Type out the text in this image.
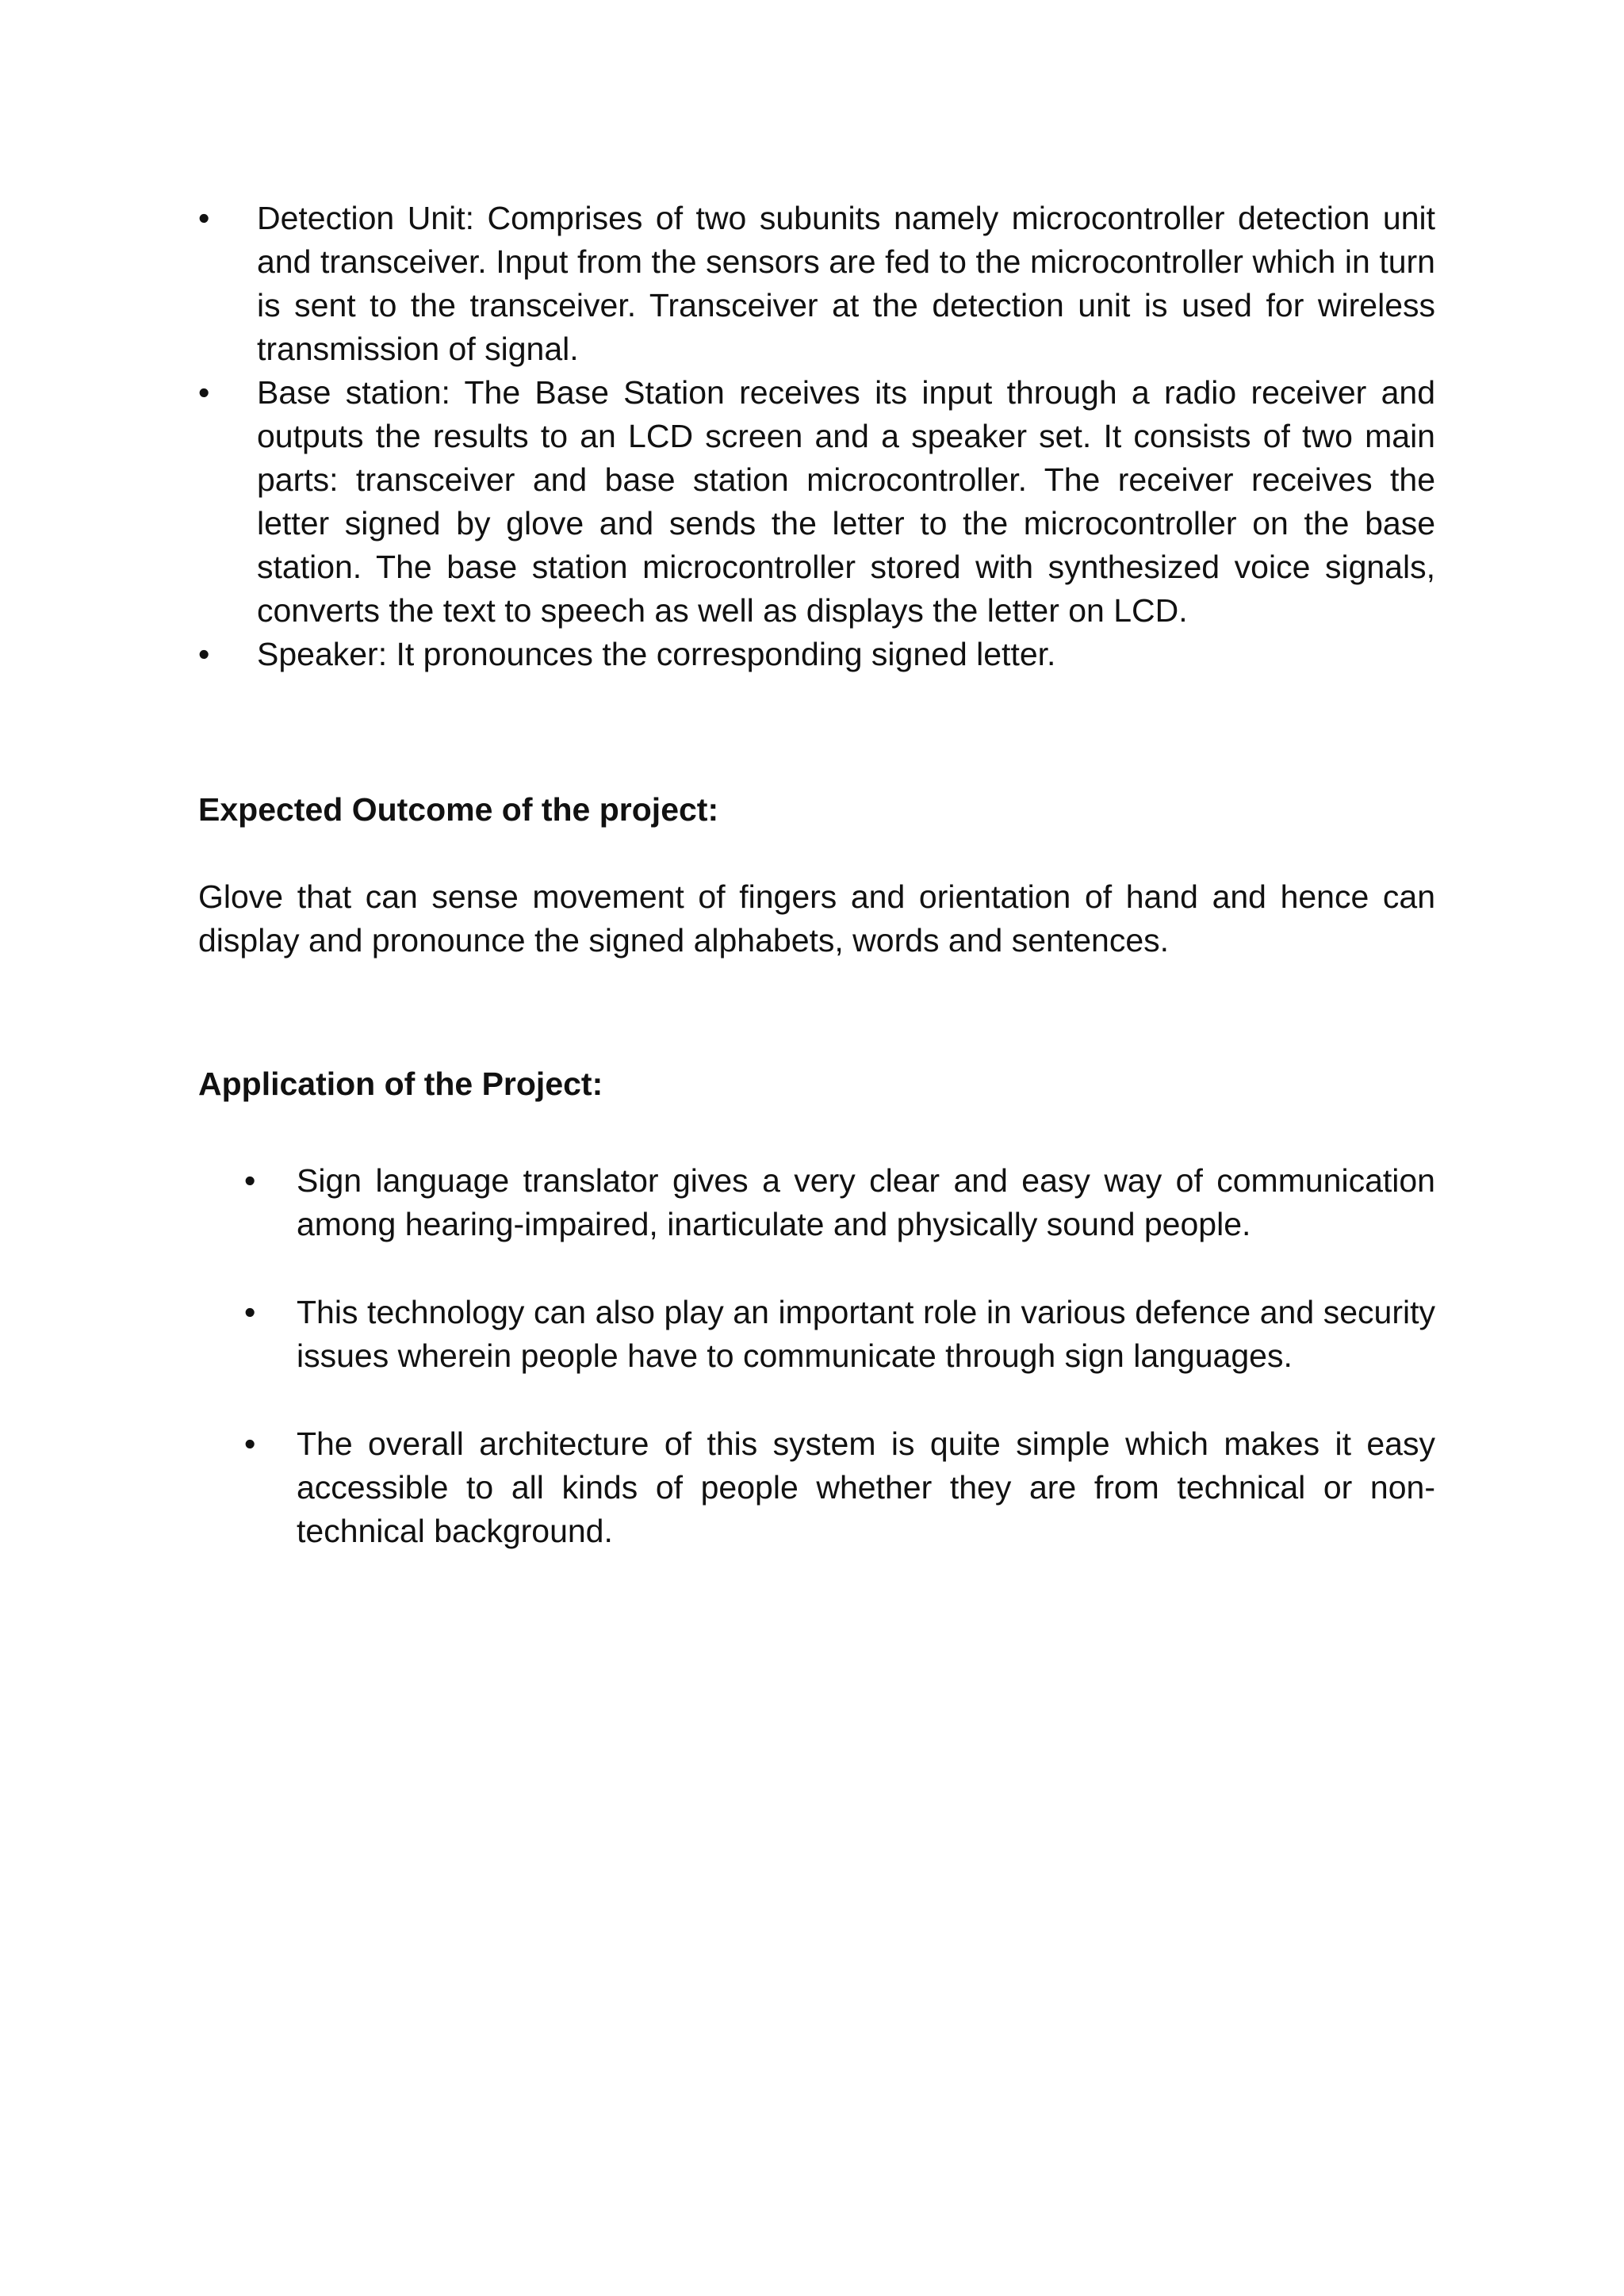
• Detection Unit: Comprises of two subunits namely microcontroller detection unit and transceiver. Input from the sensors are fed to the microcontroller which in turn is sent to the transceiver. Transceiver at the detection unit is used for wireless transmission of signal.
• Base station: The Base Station receives its input through a radio receiver and outputs the results to an LCD screen and a speaker set. It consists of two main parts: transceiver and base station microcontroller. The receiver receives the letter signed by glove and sends the letter to the microcontroller on the base station. The base station microcontroller stored with synthesized voice signals, converts the text to speech as well as displays the letter on LCD.
• Speaker: It pronounces the corresponding signed letter.
Expected Outcome of the project:

Glove that can sense movement of fingers and orientation of hand and hence can display and pronounce the signed alphabets, words and sentences.

Application of the Project:
• Sign language translator gives a very clear and easy way of communication among hearing-impaired, inarticulate and physically sound people.
• This technology can also play an important role in various defence and security issues wherein people have to communicate through sign languages.
• The overall architecture of this system is quite simple which makes it easy accessible to all kinds of people whether they are from technical or non-technical background.
